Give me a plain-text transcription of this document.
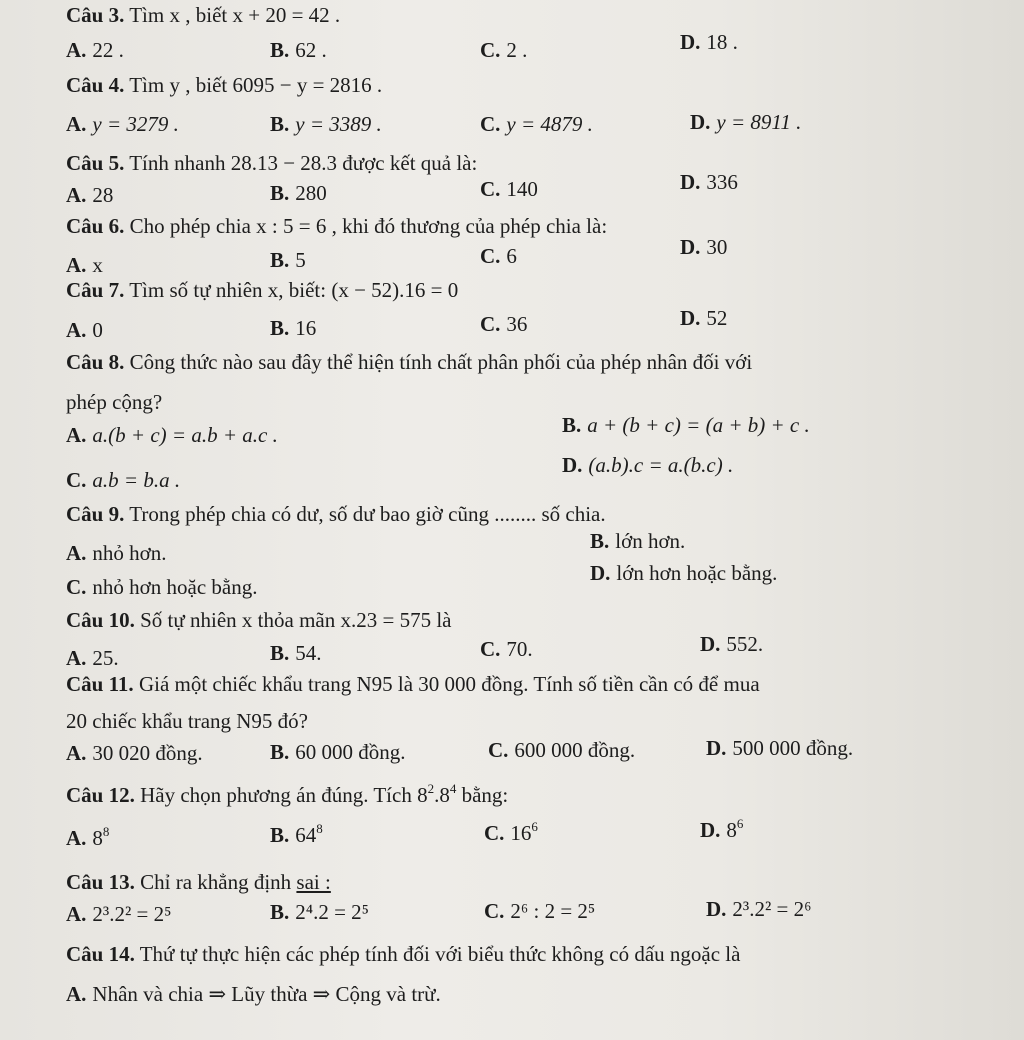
Câu 3. Tìm x , biết x + 20 = 42 .
A. 22 .	B. 62 .	C. 2 .	D. 18 .
Câu 4. Tìm y , biết 6095 − y = 2816 .
A. y = 3279 .	B. y = 3389 .	C. y = 4879 .	D. y = 8911 .
Câu 5. Tính nhanh 28.13 − 28.3 được kết quả là:
A. 28	B. 280	C. 140	D. 336
Câu 6. Cho phép chia x : 5 = 6 , khi đó thương của phép chia là:
A. x	B. 5	C. 6	D. 30
Câu 7. Tìm số tự nhiên x, biết: (x − 52).16 = 0
A. 0	B. 16	C. 36	D. 52
Câu 8. Công thức nào sau đây thể hiện tính chất phân phối của phép nhân đối với
phép cộng?
A. a.(b + c) = a.b + a.c .	B. a + (b + c) = (a + b) + c .
C. a.b = b.a .
D. (a.b).c = a.(b.c) .
Câu 9. Trong phép chia có dư, số dư bao giờ cũng ........ số chia.
A. nhỏ hơn.	B. lớn hơn.
C. nhỏ hơn hoặc bằng.
D. lớn hơn hoặc bằng.
Câu 10. Số tự nhiên x thỏa mãn x.23 = 575 là
A. 25.	B. 54.	C. 70.	D. 552.
Câu 11. Giá một chiếc khẩu trang N95 là 30 000 đồng. Tính số tiền cần có để mua
20 chiếc khẩu trang N95 đó?
A. 30 020 đồng.	B. 60 000 đồng.	C. 600 000 đồng.	D. 500 000 đồng.
Câu 12. Hãy chọn phương án đúng. Tích $8^2.8^4$ bằng:
A. $8^8$	B. $64^8$	C. $16^6$	D. $8^6$
Câu 13. Chỉ ra khẳng định sai :
A. 2³.2² = 2⁵	B. 2⁴.2 = 2⁵	C. 2⁶ : 2 = 2⁵	D. 2³.2² = 2⁶
Câu 14. Thứ tự thực hiện các phép tính đối với biểu thức không có dấu ngoặc là
A. Nhân và chia ⇒ Lũy thừa ⇒ Cộng và trừ.
